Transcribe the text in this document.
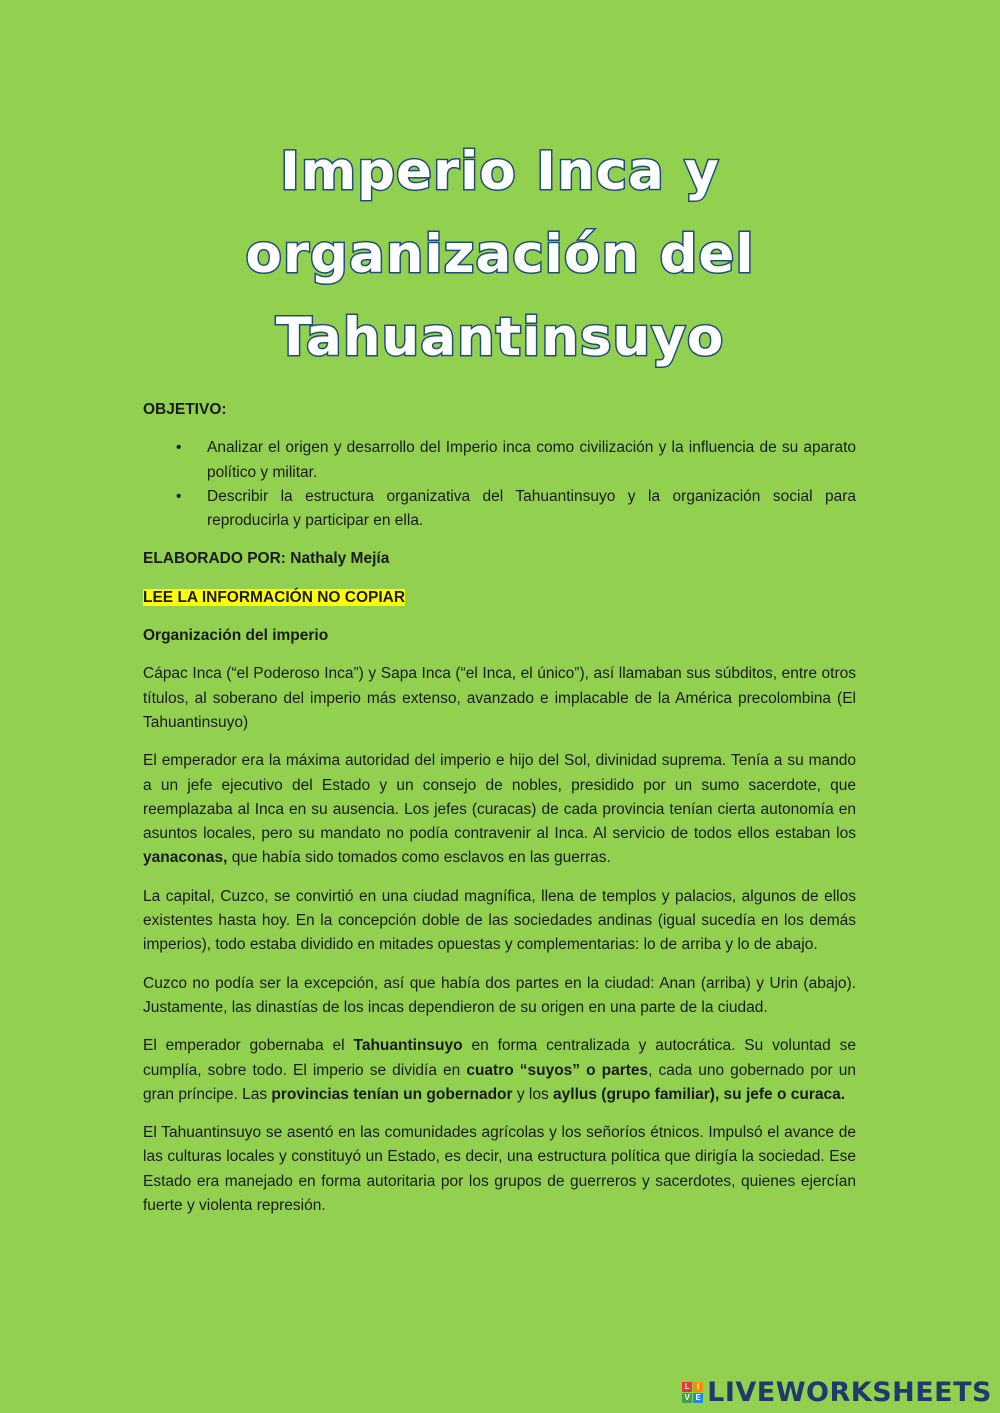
Imperio Inca y
organización del
Tahuantinsuyo

OBJETIVO:

• Analizar el origen y desarrollo del Imperio inca como civilización y la influencia de su aparato político y militar.
• Describir la estructura organizativa del Tahuantinsuyo y la organización social para reproducirla y participar en ella.

ELABORADO POR: Nathaly Mejía

LEE LA INFORMACIÓN NO COPIAR

Organización del imperio

Cápac Inca (“el Poderoso Inca”) y Sapa Inca (“el Inca, el único”), así llamaban sus súbditos, entre otros títulos, al soberano del imperio más extenso, avanzado e implacable de la América precolombina (El Tahuantinsuyo)

El emperador era la máxima autoridad del imperio e hijo del Sol, divinidad suprema. Tenía a su mando a un jefe ejecutivo del Estado y un consejo de nobles, presidido por un sumo sacerdote, que reemplazaba al Inca en su ausencia. Los jefes (curacas) de cada provincia tenían cierta autonomía en asuntos locales, pero su mandato no podía contravenir al Inca. Al servicio de todos ellos estaban los yanaconas, que había sido tomados como esclavos en las guerras.

La capital, Cuzco, se convirtió en una ciudad magnífica, llena de templos y palacios, algunos de ellos existentes hasta hoy. En la concepción doble de las sociedades andinas (igual sucedía en los demás imperios), todo estaba dividido en mitades opuestas y complementarias: lo de arriba y lo de abajo.

Cuzco no podía ser la excepción, así que había dos partes en la ciudad: Anan (arriba) y Urin (abajo). Justamente, las dinastías de los incas dependieron de su origen en una parte de la ciudad.

El emperador gobernaba el Tahuantinsuyo en forma centralizada y autocrática. Su voluntad se cumplía, sobre todo. El imperio se dividía en cuatro “suyos” o partes, cada uno gobernado por un gran príncipe. Las provincias tenían un gobernador y los ayllus (grupo familiar), su jefe o curaca.

El Tahuantinsuyo se asentó en las comunidades agrícolas y los señoríos étnicos. Impulsó el avance de las culturas locales y constituyó un Estado, es decir, una estructura política que dirigía la sociedad. Ese Estado era manejado en forma autoritaria por los grupos de guerreros y sacerdotes, quienes ejercían fuerte y violenta represión.

L I
V E LIVEWORKSHEETS
